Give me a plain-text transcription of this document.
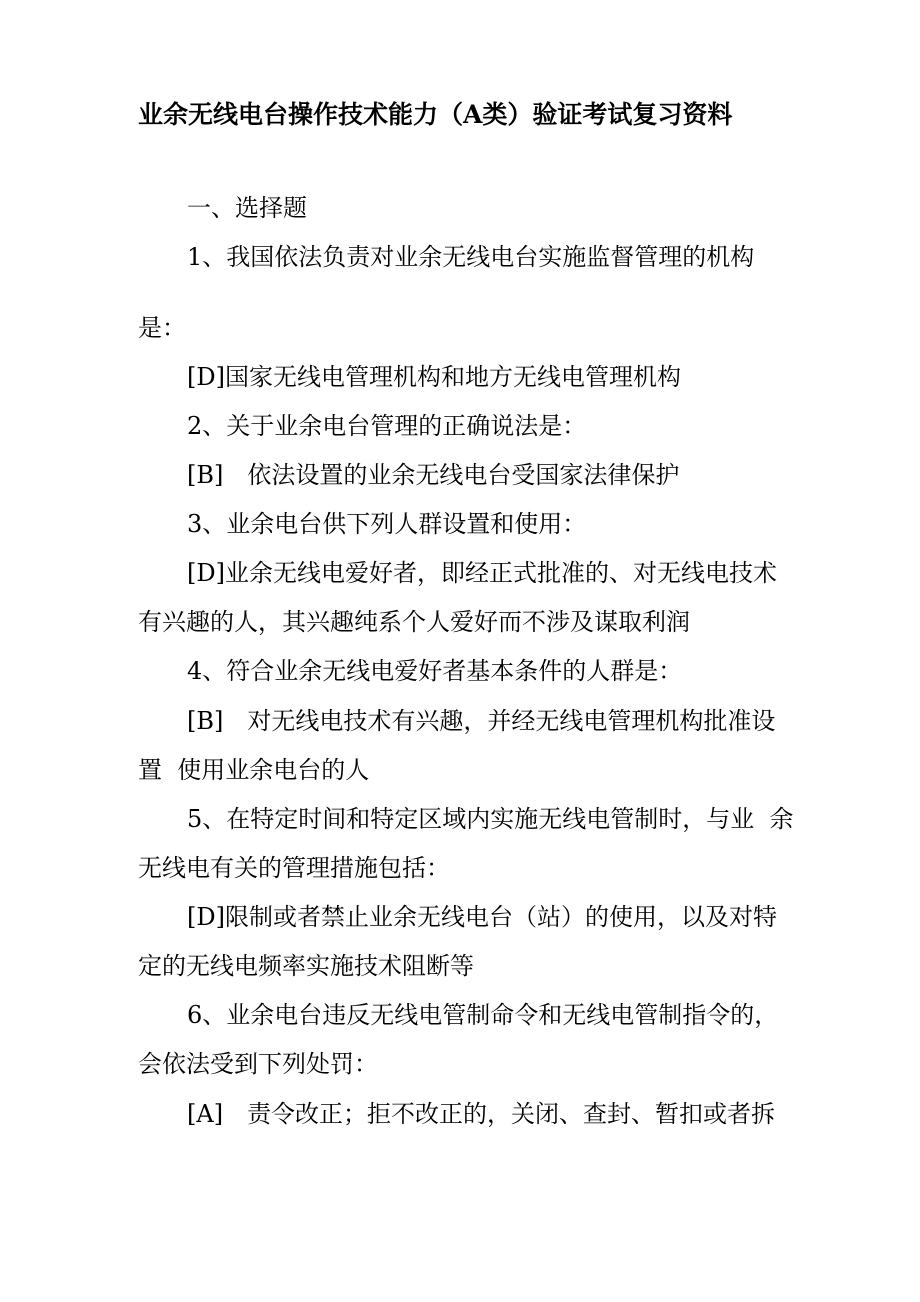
业余无线电台操作技术能力（A类）验证考试复习资料
一、选择题
1、我国依法负责对业余无线电台实施监督管理的机构
是：
[D]国家无线电管理机构和地方无线电管理机构
2、关于业余电台管理的正确说法是：
[B] 依法设置的业余无线电台受国家法律保护
3、业余电台供下列人群设置和使用：
[D]业余无线电爱好者，即经正式批准的、对无线电技术
有兴趣的人，其兴趣纯系个人爱好而不涉及谋取利润
4、符合业余无线电爱好者基本条件的人群是：
[B] 对无线电技术有兴趣，并经无线电管理机构批准设
置  使用业余电台的人
5、在特定时间和特定区域内实施无线电管制时，与业  余
无线电有关的管理措施包括：
[D]限制或者禁止业余无线电台（站）的使用，以及对特
定的无线电频率实施技术阻断等
6、业余电台违反无线电管制命令和无线电管制指令的，
会依法受到下列处罚：
[A] 责令改正；拒不改正的，关闭、查封、暂扣或者拆
